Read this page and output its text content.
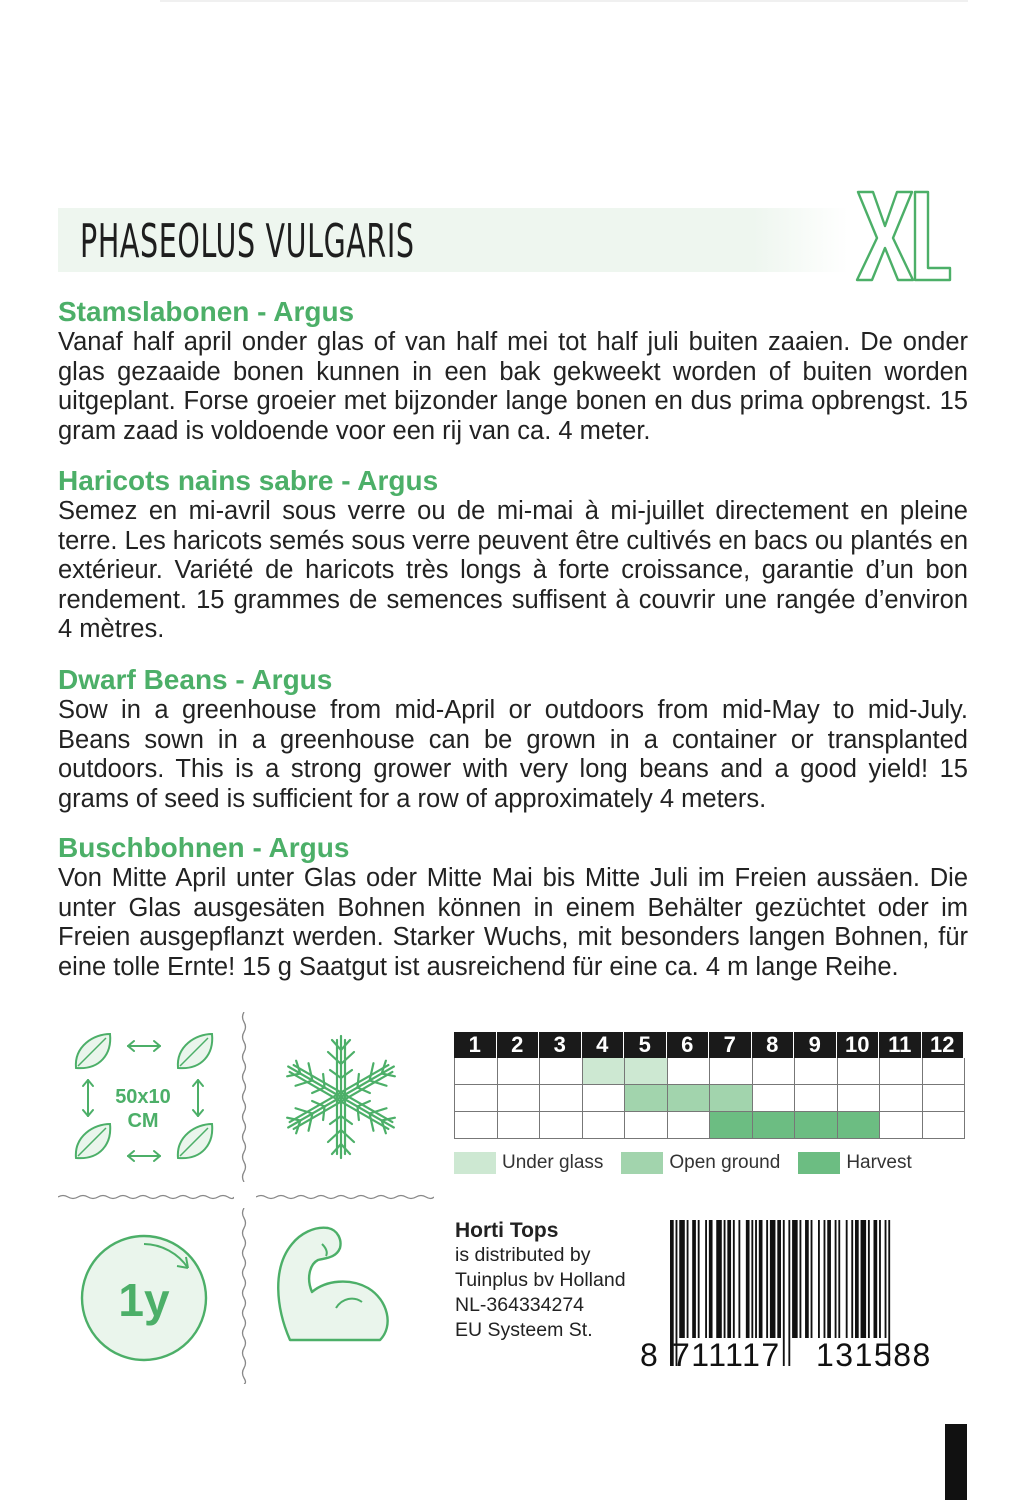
PHASEOLUS VULGARIS
XL
Stamslabonen - Argus

Vanaf half april onder glas of van half mei tot half juli buiten zaaien. De onder glas gezaaide bonen kunnen in een bak gekweekt worden of buiten worden uitgeplant. Forse groeier met bijzonder lange bonen en dus prima opbrengst. 15 gram zaad is voldoende voor een rij van ca. 4 meter.

Haricots nains sabre - Argus

Semez en mi-avril sous verre ou de mi-mai à mi-juillet directement en pleine terre. Les haricots semés sous verre peuvent être cultivés en bacs ou plantés en extérieur. Variété de haricots très longs à forte croissance, garantie d’un bon rendement. 15 grammes de semences suffisent à couvrir une rangée d’environ 4 mètres.

Dwarf Beans - Argus

Sow in a greenhouse from mid-April or outdoors from mid-May to mid-July. Beans sown in a greenhouse can be grown in a container or transplanted outdoors. This is a strong grower with very long beans and a good yield! 15 grams of seed is sufficient for a row of approximately 4 meters.

Buschbohnen - Argus

Von Mitte April unter Glas oder Mitte Mai bis Mitte Juli im Freien aussäen. Die unter Glas ausgesäten Bohnen können in einem Behälter gezüchtet oder im Freien ausgepflanzt werden. Starker Wuchs, mit besonders langen Bohnen, für eine tolle Ernte! 15 g Saatgut ist ausreichend für eine ca. 4 m lange Reihe.

50x10
CM
1y
1	2	3	4	5	6	7	8	9	10 11 12
Under glass	Open ground	Harvest
Horti Tops
is distributed by
Tuinplus bv Holland
NL-364334274
EU Systeem St.
8 711117 131588
